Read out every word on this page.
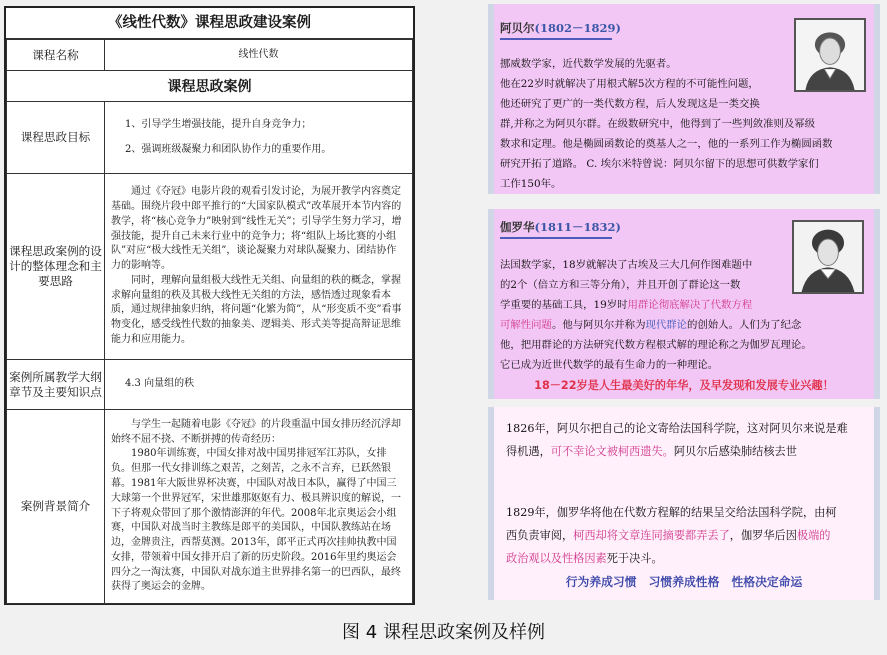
《线性代数》课程思政建设案例
课程名称	线性代数
课程思政案例	
课程思政目标	1、引导学生增强技能，提升自身竞争力；
2、强调班级凝聚力和团队协作力的重要作用。

课程思政案例的设计的整体理念和主要思路	通过《夺冠》电影片段的观看引发讨论，为展开教学内容奠定基础。围绕片段中郎平推行的“大国家队模式”改革展开本节内容的教学，将“核心竞争力”映射到“线性无关”；引导学生努力学习，增强技能，提升自己未来行业中的竞争力；将“组队上场比赛的小组队”对应“极大线性无关组”，谈论凝聚力对球队凝聚力、团结协作力的影响等。

同时，理解向量组极大线性无关组、向量组的秩的概念，掌握求解向量组的秩及其极大线性无关组的方法，感悟透过现象看本质，通过规律抽象归纳，将问题“化繁为简”，从“形变质不变”看事物变化，感受线性代数的抽象美、逻辑美、形式美等提高辩证思维能力和应用能力。

案例所属教学大纲章节及主要知识点	4.3 向量组的秩
案例背景简介	与学生一起随着电影《夺冠》的片段重温中国女排历经沉浮却始终不屈不挠、不断拼搏的传奇经历：

1980年训练赛，中国女排对战中国男排冠军江苏队，女排负。但那一代女排训练之艰苦，之刻苦，之永不言弃，已跃然银幕。1981年大阪世界杯决赛，中国队对战日本队，赢得了中国三大球第一个世界冠军，宋世雄那妪妪有力、极具辨识度的解说，一下子将观众带回了那个激情澎湃的年代。2008年北京奥运会小组赛，中国队对战当时主教练是郎平的美国队，中国队教练站在场边，金牌贵注，西帮莫测。2013年，郎平正式再次挂帅执教中国女排，带领着中国女排开启了新的历史阶段。2016年里约奥运会四分之一淘汰赛，中国队对战东道主世界排名第一的巴西队，最终获得了奥运会的金牌。

阿贝尔(1802－1829)
挪威数学家，近代数学发展的先驱者。
他在22岁时就解决了用根式解5次方程的不可能性问题，
他还研究了更广的一类代数方程，后人发现这是一类交换
群,并称之为阿贝尔群。在级数研究中，他得到了一些判敛准则及幂级
数求和定理。他是椭圆函数论的奠基人之一，他的一系列工作为椭圆函数
研究开拓了道路。 C. 埃尔米特曾说：阿贝尔留下的思想可供数学家们
工作150年。
伽罗华(1811－1832)
法国数学家，18岁就解决了古埃及三大几何作图难题中
的2个（倍立方和三等分角），并且开创了群论这一数
学重要的基础工具，19岁时用群论彻底解决了代数方程
可解性问题。他与阿贝尔并称为现代群论的创始人。人们为了纪念
他，把用群论的方法研究代数方程根式解的理论称之为伽罗瓦理论。
它已成为近世代数学的最有生命力的一种理论。
18－22岁是人生最美好的年华，及早发现和发展专业兴趣！
1826年，阿贝尔把自己的论文寄给法国科学院，这对阿贝尔来说是难
得机遇，可不幸论文被柯西遗失。阿贝尔后感染肺结核去世
1829年，伽罗华将他在代数方程解的结果呈交给法国科学院，由柯
西负责审阅，柯西却将文章连同摘要都弄丢了，伽罗华后因极端的
政治观以及性格因素死于决斗。
行为养成习惯 习惯养成性格 性格决定命运
图 4 课程思政案例及样例
